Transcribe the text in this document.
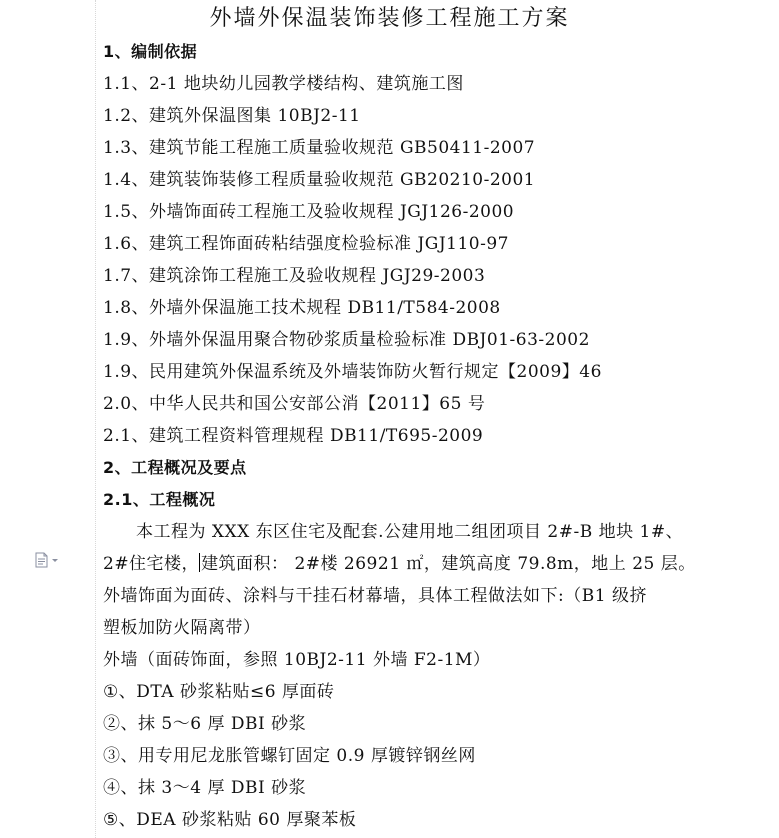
外墙外保温装饰装修工程施工方案
1、编制依据
1.1、2-1 地块幼儿园教学楼结构、建筑施工图
1.2、建筑外保温图集 10BJ2-11
1.3、建筑节能工程施工质量验收规范 GB50411-2007
1.4、建筑装饰装修工程质量验收规范 GB20210-2001
1.5、外墙饰面砖工程施工及验收规程 JGJ126-2000
1.6、建筑工程饰面砖粘结强度检验标准 JGJ110-97
1.7、建筑涂饰工程施工及验收规程 JGJ29-2003
1.8、外墙外保温施工技术规程 DB11/T584-2008
1.9、外墙外保温用聚合物砂浆质量检验标准 DBJ01-63-2002
1.9、民用建筑外保温系统及外墙装饰防火暂行规定【2009】46
2.0、中华人民共和国公安部公消【2011】65 号
2.1、建筑工程资料管理规程 DB11/T695-2009
2、工程概况及要点
2.1、工程概况
本工程为 XXX 东区住宅及配套.公建用地二组团项目 2#-B 地块 1#、
2#住宅楼， 建筑面积： 2#楼 26921 ㎡，建筑高度 79.8m，地上 25 层。
外墙饰面为面砖、涂料与干挂石材幕墙，具体工程做法如下:（B1 级挤
塑板加防火隔离带）
外墙（面砖饰面，参照 10BJ2-11 外墙 F2-1M）
①、DTA 砂浆粘贴≤6 厚面砖
②、抹 5～6 厚 DBI 砂浆
③、用专用尼龙胀管螺钉固定 0.9 厚镀锌钢丝网
④、抹 3～4 厚 DBI 砂浆
⑤、DEA 砂浆粘贴 60 厚聚苯板
